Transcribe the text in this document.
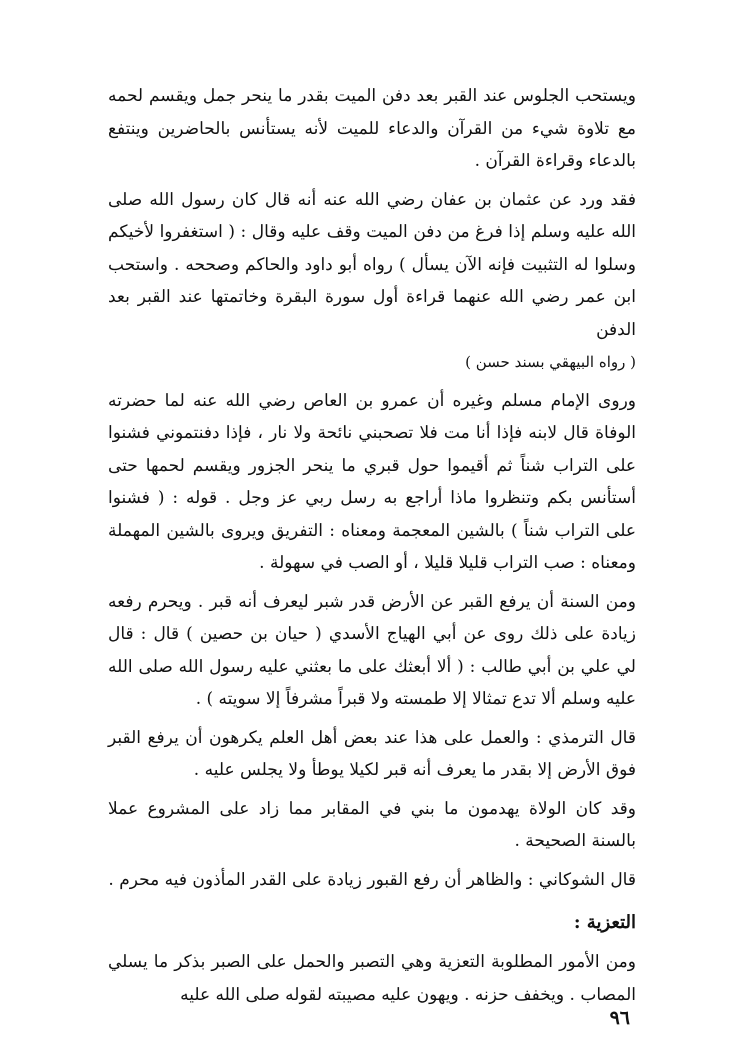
ويستحب الجلوس عند القبر بعد دفن الميت بقدر ما ينحر جمل ويقسم لحمه مع تلاوة شيء من القرآن والدعاء للميت لأنه يستأنس بالحاضرين وينتفع بالدعاء وقراءة القرآن .

فقد ورد عن عثمان بن عفان رضي الله عنه أنه قال كان رسول الله صلى الله عليه وسلم إذا فرغ من دفن الميت وقف عليه وقال : ( استغفروا لأخيكم وسلوا له التثبيت فإنه الآن يسأل ) رواه أبو داود والحاكم وصححه . واستحب ابن عمر رضي الله عنهما قراءة أول سورة البقرة وخاتمتها عند القبر بعد الدفن
( رواه البيهقي بسند حسن )

وروى الإمام مسلم وغيره أن عمرو بن العاص رضي الله عنه لما حضرته الوفاة قال لابنه فإذا أنا مت فلا تصحبني نائحة ولا نار ، فإذا دفنتموني فشنوا على التراب شناً ثم أقيموا حول قبري ما ينحر الجزور ويقسم لحمها حتى أستأنس بكم وتنظروا ماذا أراجع به رسل ربي عز وجل . قوله : ( فشنوا على التراب شناً ) بالشين المعجمة ومعناه : التفريق ويروى بالشين المهملة ومعناه : صب التراب قليلا قليلا ، أو الصب في سهولة .

ومن السنة أن يرفع القبر عن الأرض قدر شبر ليعرف أنه قبر . ويحرم رفعه زيادة على ذلك روى عن أبي الهياج الأسدي ( حيان بن حصين ) قال : قال لي علي بن أبي طالب : ( ألا أبعثك على ما بعثني عليه رسول الله صلى الله عليه وسلم ألا تدع تمثالا إلا طمسته ولا قبراً مشرفاً إلا سويته ) .

قال الترمذي : والعمل على هذا عند بعض أهل العلم يكرهون أن يرفع القبر فوق الأرض إلا بقدر ما يعرف أنه قبر لكيلا يوطأ ولا يجلس عليه .

وقد كان الولاة يهدمون ما بني في المقابر مما زاد على المشروع عملا بالسنة الصحيحة .

قال الشوكاني : والظاهر أن رفع القبور زيادة على القدر المأذون فيه محرم .

التعزية :

ومن الأمور المطلوبة التعزية وهي التصبر والحمل على الصبر بذكر ما يسلي المصاب . ويخفف حزنه . ويهون عليه مصيبته لقوله صلى الله عليه

٩٦
